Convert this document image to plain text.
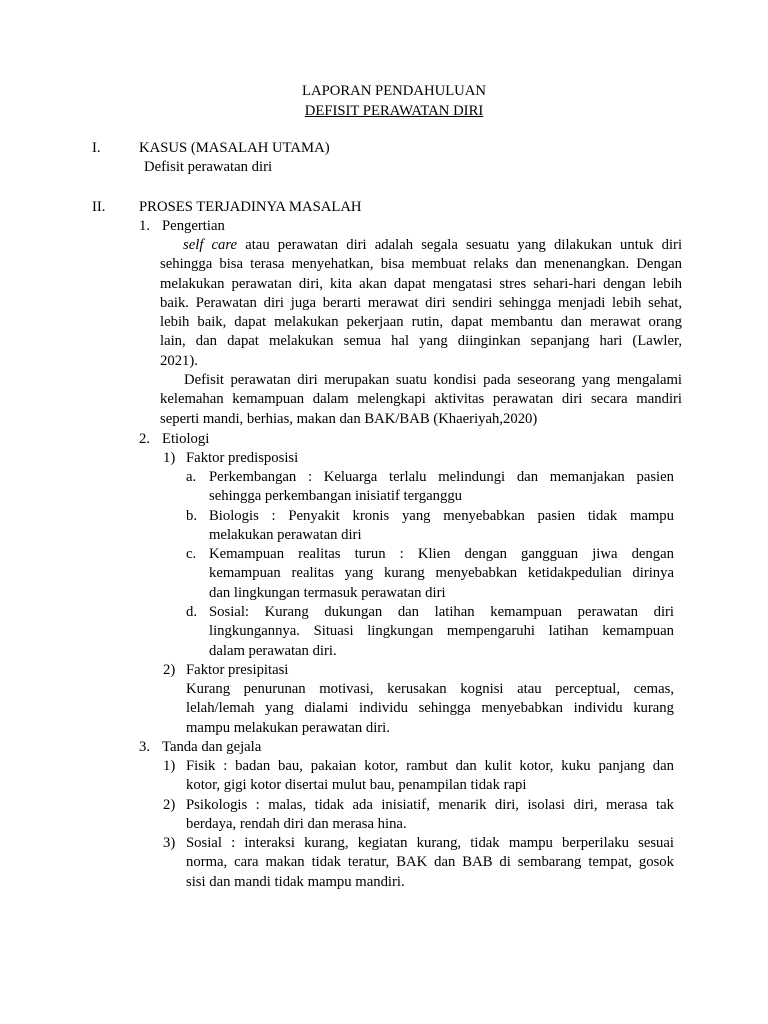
LAPORAN PENDAHULUAN
DEFISIT PERAWATAN DIRI
I.	KASUS (MASALAH UTAMA)
Defisit perawatan diri
II. PROSES TERJADINYA MASALAH
1. Pengertian
self care atau perawatan diri adalah segala sesuatu yang dilakukan untuk diri
sehingga bisa terasa menyehatkan, bisa membuat relaks dan menenangkan. Dengan
melakukan perawatan diri, kita akan dapat mengatasi stres sehari-hari dengan lebih
baik. Perawatan diri juga berarti merawat diri sendiri sehingga menjadi lebih sehat,
lebih baik, dapat melakukan pekerjaan rutin, dapat membantu dan merawat orang
lain, dan dapat melakukan semua hal yang diinginkan sepanjang hari (Lawler,
2021).
Defisit perawatan diri merupakan suatu kondisi pada seseorang yang mengalami
kelemahan kemampuan dalam melengkapi aktivitas perawatan diri secara mandiri
seperti mandi, berhias, makan dan BAK/BAB (Khaeriyah,2020)
2. Etiologi
1) Faktor predisposisi
a. Perkembangan : Keluarga terlalu melindungi dan memanjakan pasien
sehingga perkembangan inisiatif terganggu
b. Biologis : Penyakit kronis yang menyebabkan pasien tidak mampu
melakukan perawatan diri
c. Kemampuan realitas turun : Klien dengan gangguan jiwa dengan
kemampuan realitas yang kurang menyebabkan ketidakpedulian dirinya
dan lingkungan termasuk perawatan diri
d. Sosial: Kurang dukungan dan latihan kemampuan perawatan diri
lingkungannya. Situasi lingkungan mempengaruhi latihan kemampuan
dalam perawatan diri.
2) Faktor presipitasi
Kurang penurunan motivasi, kerusakan kognisi atau perceptual, cemas,
lelah/lemah yang dialami individu sehingga menyebabkan individu kurang
mampu melakukan perawatan diri.
3. Tanda dan gejala
1) Fisik : badan bau, pakaian kotor, rambut dan kulit kotor, kuku panjang dan
kotor, gigi kotor disertai mulut bau, penampilan tidak rapi
2) Psikologis : malas, tidak ada inisiatif, menarik diri, isolasi diri, merasa tak
berdaya, rendah diri dan merasa hina.
3) Sosial : interaksi kurang, kegiatan kurang, tidak mampu berperilaku sesuai
norma, cara makan tidak teratur, BAK dan BAB di sembarang tempat, gosok
sisi dan mandi tidak mampu mandiri.
